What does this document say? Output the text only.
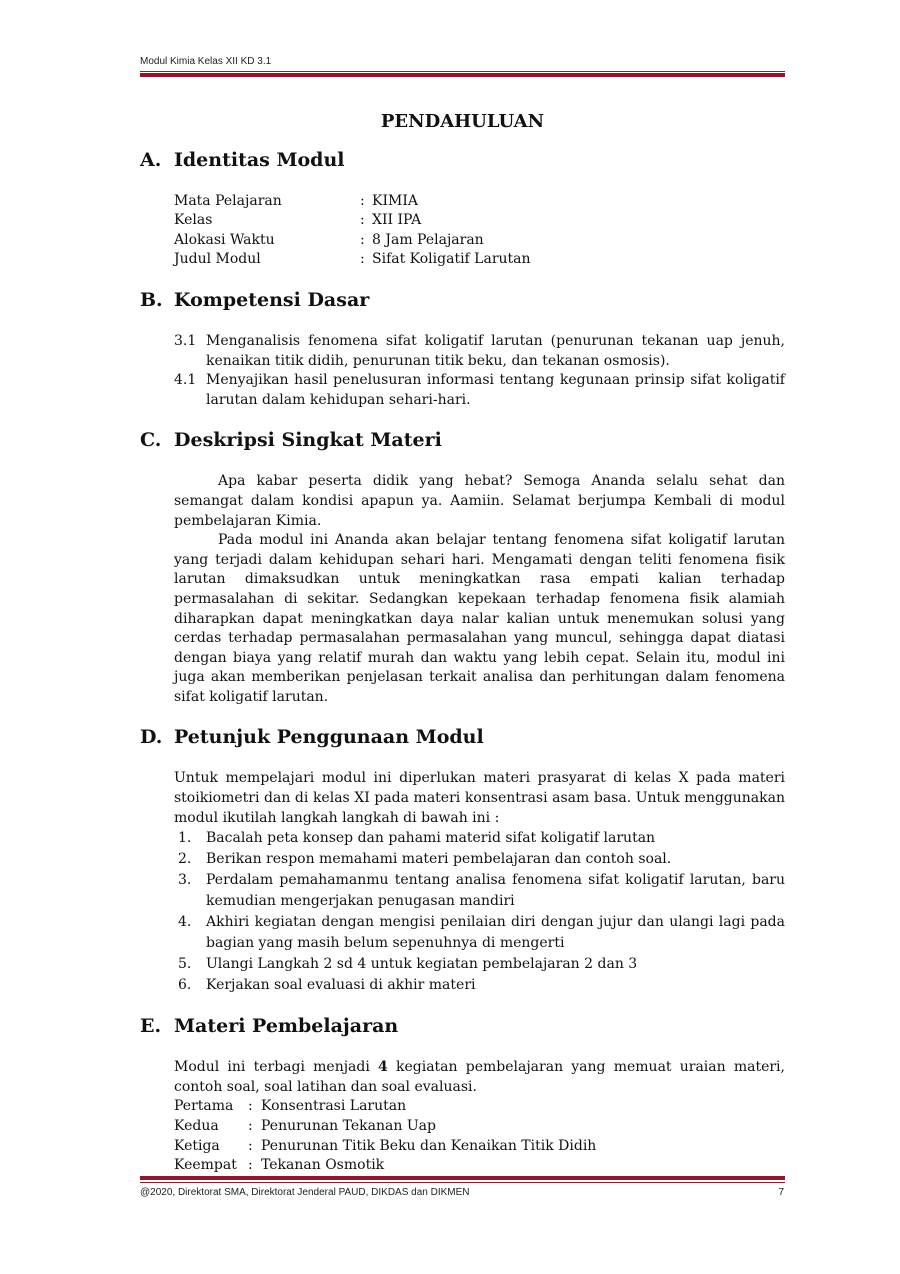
Modul Kimia Kelas XII KD 3.1
PENDAHULUAN
A. Identitas Modul
Mata Pelajaran	:	KIMIA
Kelas	:	XII IPA
Alokasi Waktu	:	8 Jam Pelajaran
Judul Modul	:	Sifat Koligatif Larutan
B. Kompetensi Dasar
3.1 Menganalisis fenomena sifat koligatif larutan (penurunan tekanan uap jenuh, kenaikan titik didih, penurunan titik beku, dan tekanan osmosis).
4.1 Menyajikan hasil penelusuran informasi tentang kegunaan prinsip sifat koligatif larutan dalam kehidupan sehari-hari.
C. Deskripsi Singkat Materi

Apa kabar peserta didik yang hebat? Semoga Ananda selalu sehat dan semangat dalam kondisi apapun ya. Aamiin. Selamat berjumpa Kembali di modul pembelajaran Kimia.

Pada modul ini Ananda akan belajar tentang fenomena sifat koligatif larutan yang terjadi dalam kehidupan sehari hari. Mengamati dengan teliti fenomena fisik larutan dimaksudkan untuk meningkatkan rasa empati kalian terhadap permasalahan di sekitar. Sedangkan kepekaan terhadap fenomena fisik alamiah diharapkan dapat meningkatkan daya nalar kalian untuk menemukan solusi yang cerdas terhadap permasalahan permasalahan yang muncul, sehingga dapat diatasi dengan biaya yang relatif murah dan waktu yang lebih cepat. Selain itu, modul ini juga akan memberikan penjelasan terkait analisa dan perhitungan dalam fenomena sifat koligatif larutan.

D. Petunjuk Penggunaan Modul

Untuk mempelajari modul ini diperlukan materi prasyarat di kelas X pada materi stoikiometri dan di kelas XI pada materi konsentrasi asam basa. Untuk menggunakan modul ikutilah langkah langkah di bawah ini :

1.	Bacalah peta konsep dan pahami materid sifat koligatif larutan
2.	Berikan respon memahami materi pembelajaran dan contoh soal.
3.	Perdalam pemahamanmu tentang analisa fenomena sifat koligatif larutan, baru kemudian mengerjakan penugasan mandiri
4.	Akhiri kegiatan dengan mengisi penilaian diri dengan jujur dan ulangi lagi pada bagian yang masih belum sepenuhnya di mengerti
5.	Ulangi Langkah 2 sd 4 untuk kegiatan pembelajaran 2 dan 3
6.	Kerjakan soal evaluasi di akhir materi
E. Materi Pembelajaran

Modul ini terbagi menjadi 4 kegiatan pembelajaran yang memuat uraian materi, contoh soal, soal latihan dan soal evaluasi.

Pertama	:	Konsentrasi Larutan
Kedua	:	Penurunan Tekanan Uap
Ketiga	:	Penurunan Titik Beku dan Kenaikan Titik Didih
Keempat	:	Tekanan Osmotik
@2020, Direktorat SMA, Direktorat Jenderal PAUD, DIKDAS dan DIKMEN	7
